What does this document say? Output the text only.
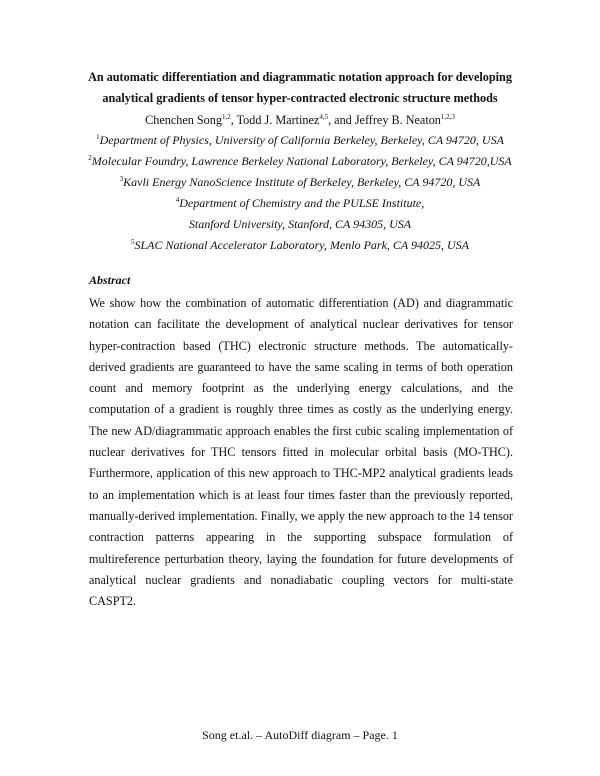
An automatic differentiation and diagrammatic notation approach for developing
analytical gradients of tensor hyper-contracted electronic structure methods
Chenchen Song$^{1,2}$, Todd J. Martinez$^{4,5}$, and Jeffrey B. Neaton$^{1,2,3}$
$^1$Department of Physics, University of California Berkeley, Berkeley, CA 94720, USA
$^2$Molecular Foundry, Lawrence Berkeley National Laboratory, Berkeley, CA 94720,USA
$^3$Kavli Energy NanoScience Institute of Berkeley, Berkeley, CA 94720, USA
$^4$Department of Chemistry and the PULSE Institute,
Stanford University, Stanford, CA 94305, USA
$^5$SLAC National Accelerator Laboratory, Menlo Park, CA 94025, USA
Abstract

We show how the combination of automatic differentiation (AD) and diagrammatic notation can facilitate the development of analytical nuclear derivatives for tensor hyper-contraction based (THC) electronic structure methods. The automatically-derived gradients are guaranteed to have the same scaling in terms of both operation count and memory footprint as the underlying energy calculations, and the computation of a gradient is roughly three times as costly as the underlying energy. The new AD/diagrammatic approach enables the first cubic scaling implementation of nuclear derivatives for THC tensors fitted in molecular orbital basis (MO-THC). Furthermore, application of this new approach to THC-MP2 analytical gradients leads to an implementation which is at least four times faster than the previously reported, manually-derived implementation. Finally, we apply the new approach to the 14 tensor contraction patterns appearing in the supporting subspace formulation of multireference perturbation theory, laying the foundation for future developments of analytical nuclear gradients and nonadiabatic coupling vectors for multi-state CASPT2.

Song et.al. – AutoDiff diagram – Page. 1
